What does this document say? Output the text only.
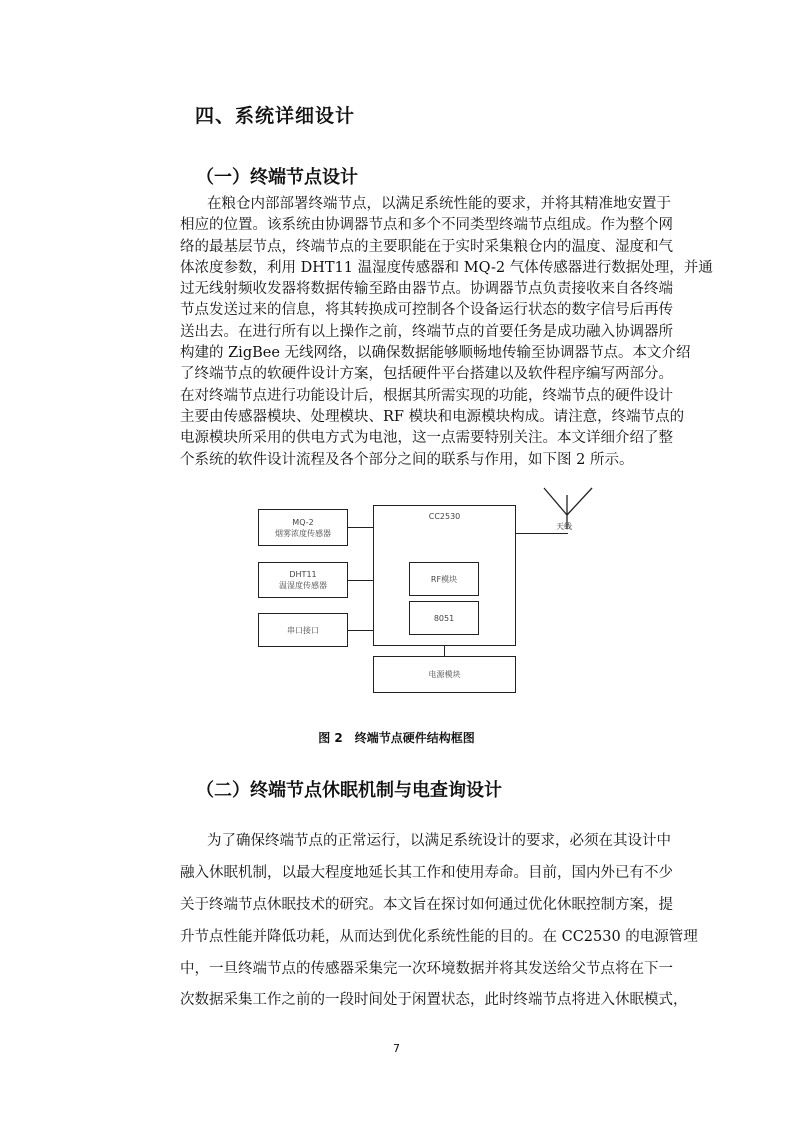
四、系统详细设计
（一）终端节点设计
在粮仓内部部署终端节点，以满足系统性能的要求，并将其精准地安置于
相应的位置。该系统由协调器节点和多个不同类型终端节点组成。作为整个网
络的最基层节点，终端节点的主要职能在于实时采集粮仓内的温度、湿度和气
体浓度参数，利用 DHT11 温湿度传感器和 MQ-2 气体传感器进行数据处理，并通
过无线射频收发器将数据传输至路由器节点。协调器节点负责接收来自各终端
节点发送过来的信息，将其转换成可控制各个设备运行状态的数字信号后再传
送出去。在进行所有以上操作之前，终端节点的首要任务是成功融入协调器所
构建的 ZigBee 无线网络，以确保数据能够顺畅地传输至协调器节点。本文介绍
了终端节点的软硬件设计方案，包括硬件平台搭建以及软件程序编写两部分。
在对终端节点进行功能设计后，根据其所需实现的功能，终端节点的硬件设计
主要由传感器模块、处理模块、RF 模块和电源模块构成。请注意，终端节点的
电源模块所采用的供电方式为电池，这一点需要特别关注。本文详细介绍了整
个系统的软件设计流程及各个部分之间的联系与作用，如下图 2 所示。
CC2530
RF模块
8051
MQ-2
烟雾浓度传感器
DHT11
温湿度传感器
串口接口
电源模块
天线
图 2　终端节点硬件结构框图
（二）终端节点休眠机制与电查询设计
为了确保终端节点的正常运行，以满足系统设计的要求，必须在其设计中
融入休眠机制，以最大程度地延长其工作和使用寿命。目前，国内外已有不少
关于终端节点休眠技术的研究。本文旨在探讨如何通过优化休眠控制方案，提
升节点性能并降低功耗，从而达到优化系统性能的目的。在 CC2530 的电源管理
中，一旦终端节点的传感器采集完一次环境数据并将其发送给父节点将在下一
次数据采集工作之前的一段时间处于闲置状态，此时终端节点将进入休眠模式，
7
